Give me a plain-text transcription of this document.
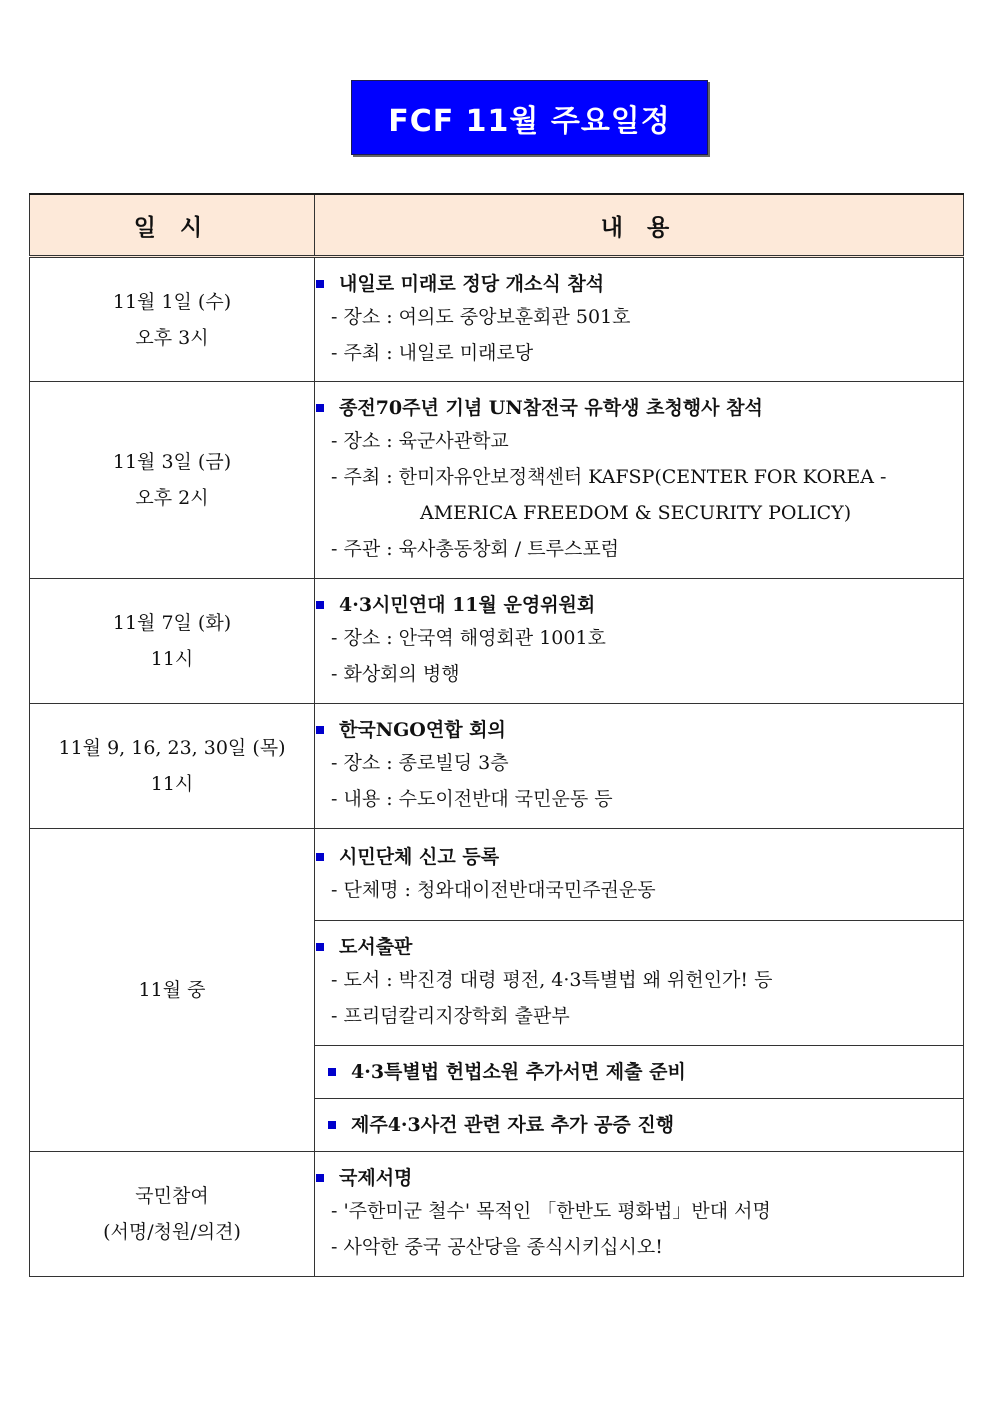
FCF 11월 주요일정
일 시	내 용

11월 1일 (수)
오후 3시	내일로 미래로 정당 개소식 참석
- 장소 : 여의도 중앙보훈회관 501호
- 주최 : 내일로 미래로당

11월 3일 (금)
오후 2시	종전70주년 기념 UN참전국 유학생 초청행사 참석
- 장소 : 육군사관학교
- 주최 : 한미자유안보정책센터 KAFSP(CENTER FOR KOREA -
AMERICA FREEDOM & SECURITY POLICY)
- 주관 : 육사총동창회 / 트루스포럼

11월 7일 (화)
11시	4·3시민연대 11월 운영위원회
- 장소 : 안국역 해영회관 1001호
- 화상회의 병행

11월 9, 16, 23, 30일 (목)
11시	한국NGO연합 회의
- 장소 : 종로빌딩 3층
- 내용 : 수도이전반대 국민운동 등

11월 중	시민단체 신고 등록
- 단체명 : 청와대이전반대국민주권운동

	도서출판
- 도서 : 박진경 대령 평전, 4·3특별법 왜 위헌인가! 등
- 프리덤칼리지장학회 출판부

	4·3특별법 헌법소원 추가서면 제출 준비

	제주4·3사건 관련 자료 추가 공증 진행

국민참여
(서명/청원/의견)	국제서명
- '주한미군 철수' 목적인 「한반도 평화법」반대 서명
- 사악한 중국 공산당을 종식시키십시오!
